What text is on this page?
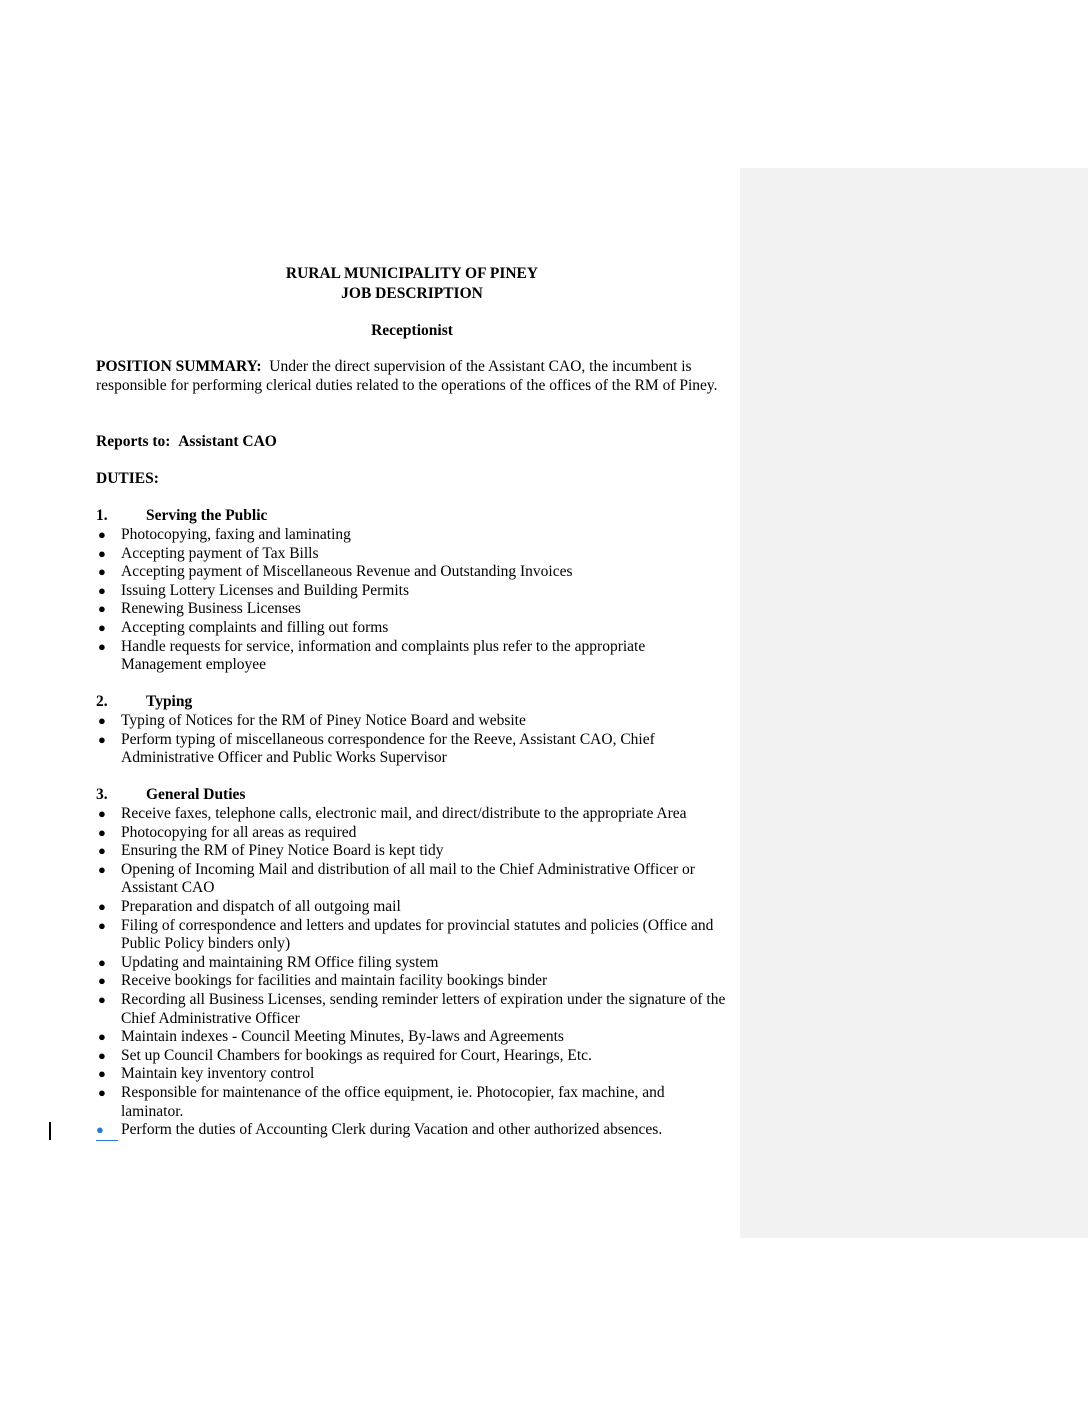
RURAL MUNICIPALITY OF PINEY
JOB DESCRIPTION
Receptionist
POSITION SUMMARY: Under the direct supervision of the Assistant CAO, the incumbent is responsible for performing clerical duties related to the operations of the offices of the RM of Piney.
Reports to: Assistant CAO
DUTIES:
1. Serving the Public
● Photocopying, faxing and laminating
● Accepting payment of Tax Bills
● Accepting payment of Miscellaneous Revenue and Outstanding Invoices
● Issuing Lottery Licenses and Building Permits
● Renewing Business Licenses
● Accepting complaints and filling out forms
● Handle requests for service, information and complaints plus refer to the appropriate Management employee
2. Typing
● Typing of Notices for the RM of Piney Notice Board and website
● Perform typing of miscellaneous correspondence for the Reeve, Assistant CAO, Chief Administrative Officer and Public Works Supervisor
3. General Duties
● Receive faxes, telephone calls, electronic mail, and direct/distribute to the appropriate Area
● Photocopying for all areas as required
● Ensuring the RM of Piney Notice Board is kept tidy
● Opening of Incoming Mail and distribution of all mail to the Chief Administrative Officer or Assistant CAO
● Preparation and dispatch of all outgoing mail
● Filing of correspondence and letters and updates for provincial statutes and policies (Office and Public Policy binders only)
● Updating and maintaining RM Office filing system
● Receive bookings for facilities and maintain facility bookings binder
● Recording all Business Licenses, sending reminder letters of expiration under the signature of the Chief Administrative Officer
● Maintain indexes - Council Meeting Minutes, By-laws and Agreements
● Set up Council Chambers for bookings as required for Court, Hearings, Etc.
● Maintain key inventory control
● Responsible for maintenance of the office equipment, ie. Photocopier, fax machine, and laminator.
●	Perform the duties of Accounting Clerk during Vacation and other authorized absences.
